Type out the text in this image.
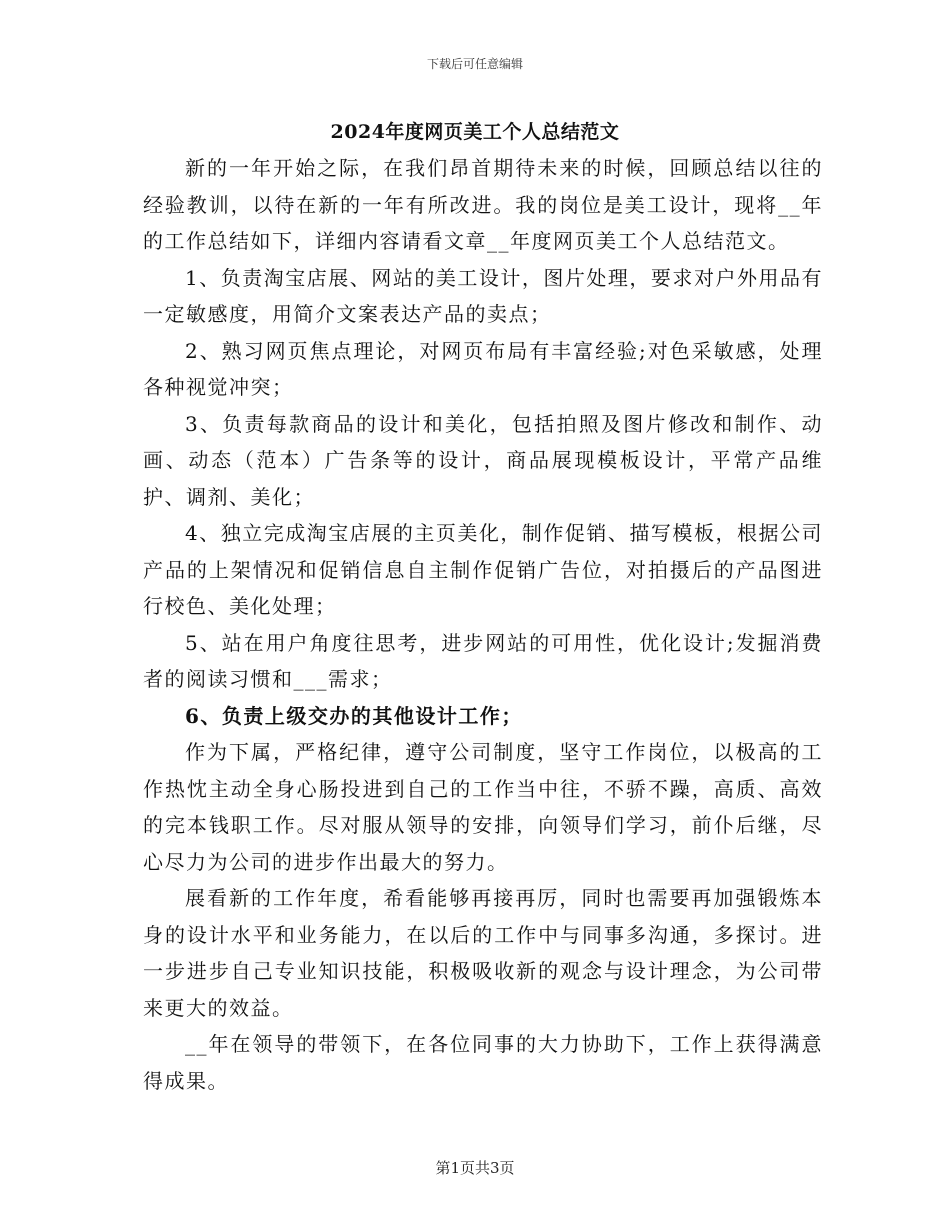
下载后可任意编辑
2024年度网页美工个人总结范文

新的一年开始之际，在我们昂首期待未来的时候，回顾总结以往的经验教训，以待在新的一年有所改进。我的岗位是美工设计，现将__年的工作总结如下，详细内容请看文章__年度网页美工个人总结范文。

1、负责淘宝店展、网站的美工设计，图片处理，要求对户外用品有一定敏感度，用简介文案表达产品的卖点；

2、熟习网页焦点理论，对网页布局有丰富经验;对色采敏感，处理各种视觉冲突；

3、负责每款商品的设计和美化，包括拍照及图片修改和制作、动画、动态（范本）广告条等的设计，商品展现模板设计，平常产品维护、调剂、美化；

4、独立完成淘宝店展的主页美化，制作促销、描写模板，根据公司产品的上架情况和促销信息自主制作促销广告位，对拍摄后的产品图进行校色、美化处理；

5、站在用户角度往思考，进步网站的可用性，优化设计;发掘消费者的阅读习惯和___需求；

6、负责上级交办的其他设计工作；

作为下属，严格纪律，遵守公司制度，坚守工作岗位，以极高的工作热忱主动全身心肠投进到自己的工作当中往，不骄不躁，高质、高效的完本钱职工作。尽对服从领导的安排，向领导们学习，前仆后继，尽心尽力为公司的进步作出最大的努力。

展看新的工作年度，希看能够再接再厉，同时也需要再加强锻炼本身的设计水平和业务能力，在以后的工作中与同事多沟通，多探讨。进一步进步自己专业知识技能，积极吸收新的观念与设计理念，为公司带来更大的效益。

__年在领导的带领下，在各位同事的大力协助下，工作上获得满意得成果。

第1页共3页
